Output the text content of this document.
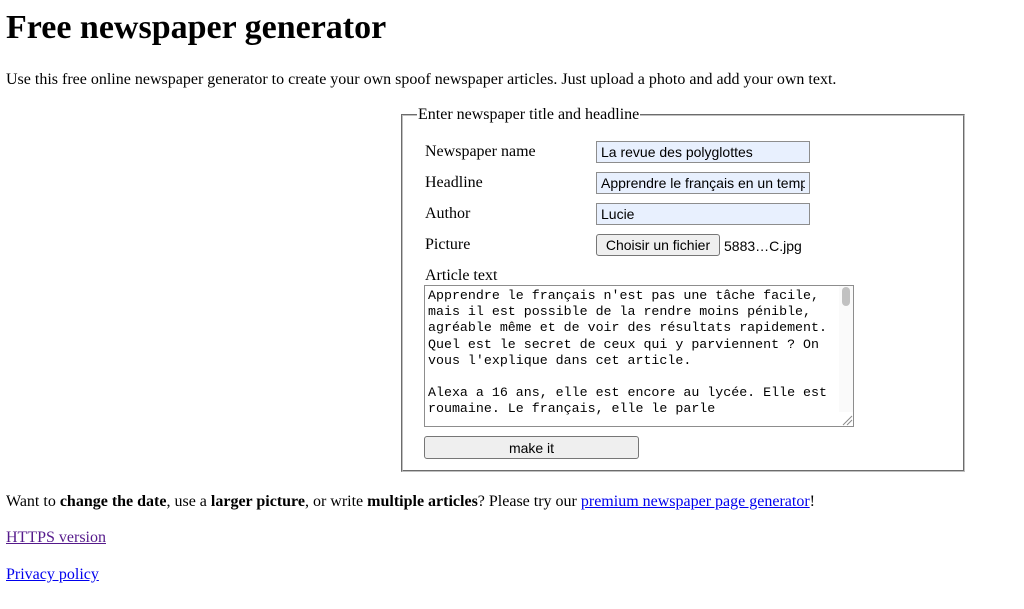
Free newspaper generator

Use this free online newspaper generator to create your own spoof newspaper articles. Just upload a photo and add your own text.

Enter newspaper title and headline
Newspaper name
La revue des polyglottes
Headline
Apprendre le français en un temps record
Author
Lucie
Picture	Choisir un fichier 5883…C.jpg
Article text
Apprendre le français n'est pas une tâche facile, mais il est possible de la rendre moins pénible, agréable même et de voir des résultats rapidement. Quel est le secret de ceux qui y parviennent ? On vous l'explique dans cet article. Alexa a 16 ans, elle est encore au lycée. Elle est roumaine. Le français, elle le parle
make it

Want to change the date, use a larger picture, or write multiple articles? Please try our premium newspaper page generator!

HTTPS version
Privacy policy
